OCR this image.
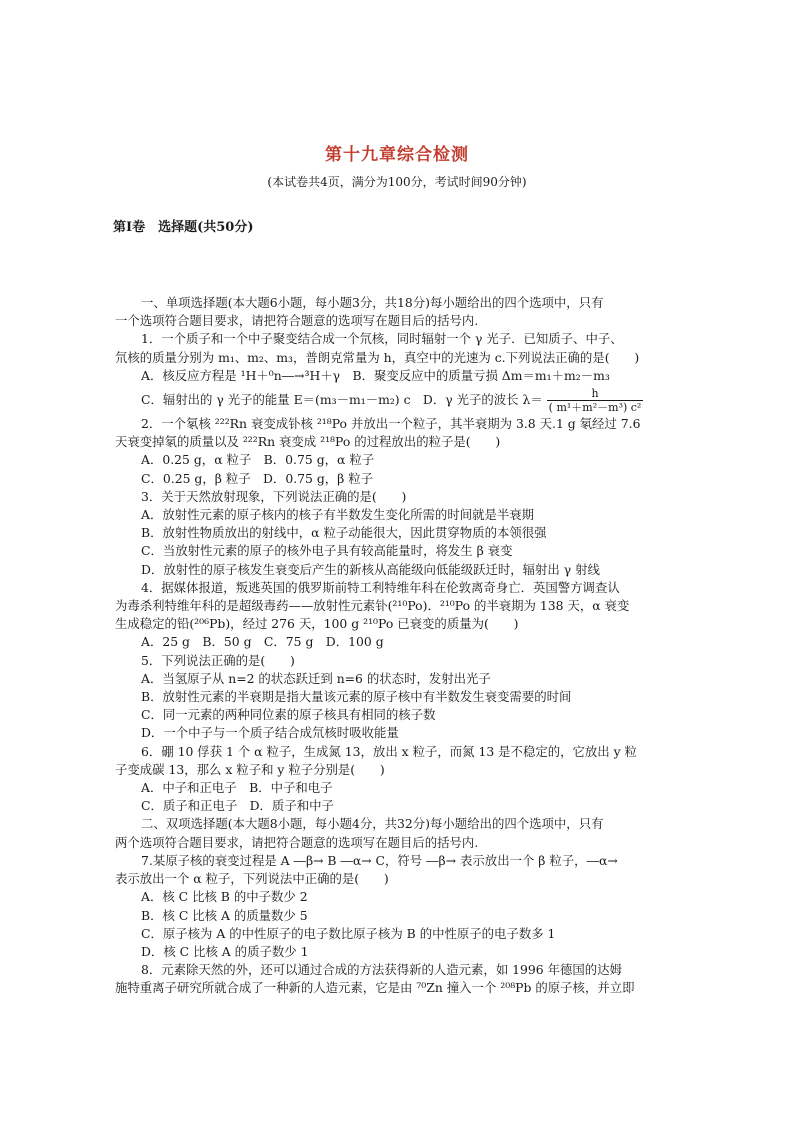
第十九章综合检测
(本试卷共4页，满分为100分，考试时间90分钟)
第Ⅰ卷　选择题(共50分)

一、单项选择题(本大题6小题，每小题3分，共18分)每小题给出的四个选项中，只有

一个选项符合题目要求，请把符合题意的选项写在题目后的括号内.

1．一个质子和一个中子聚变结合成一个氘核，同时辐射一个 γ 光子．已知质子、中子、

氘核的质量分别为 m₁、m₂、m₃，普朗克常量为 h，真空中的光速为 c.下列说法正确的是(　　)

A．核反应方程是 ¹H＋⁰n―→³H＋γ　B．聚变反应中的质量亏损 Δm＝m₁＋m₂－m₃

C．辐射出的 γ 光子的能量 E＝(m₃－m₁－m₂) c　D．γ 光子的波长 $\lambda= \frac{h}{\text{( m¹＋m²－m³) c²}}$

2．一个氡核 ²²²Rn 衰变成钋核 ²¹⁸Po 并放出一个粒子，其半衰期为 3.8 天.1 g 氡经过 7.6

天衰变掉氡的质量以及 ²²²Rn 衰变成 ²¹⁸Po 的过程放出的粒子是(　　)

A．0.25 g，α 粒子　B．0.75 g，α 粒子

C．0.25 g，β 粒子　D．0.75 g，β 粒子

3．关于天然放射现象，下列说法正确的是(　　)

A．放射性元素的原子核内的核子有半数发生变化所需的时间就是半衰期

B．放射性物质放出的射线中，α 粒子动能很大，因此贯穿物质的本领很强

C．当放射性元素的原子的核外电子具有较高能量时，将发生 β 衰变

D．放射性的原子核发生衰变后产生的新核从高能级向低能级跃迁时，辐射出 γ 射线

4．据媒体报道，叛逃英国的俄罗斯前特工利特维年科在伦敦离奇身亡．英国警方调查认

为毒杀利特维年科的是超级毒药——放射性元素钋(²¹⁰Po)．²¹⁰Po 的半衰期为 138 天，α 衰变

生成稳定的铅(²⁰⁶Pb)，经过 276 天，100 g ²¹⁰Po 已衰变的质量为(　　)

A．25 g　B．50 g　C．75 g　D．100 g

5．下列说法正确的是(　　)

A．当氢原子从 n=2 的状态跃迁到 n=6 的状态时，发射出光子

B．放射性元素的半衰期是指大量该元素的原子核中有半数发生衰变需要的时间

C．同一元素的两种同位素的原子核具有相同的核子数

D．一个中子与一个质子结合成氘核时吸收能量

6．硼 10 俘获 1 个 α 粒子，生成氮 13，放出 x 粒子，而氮 13 是不稳定的，它放出 y 粒

子变成碳 13，那么 x 粒子和 y 粒子分别是(　　)

A．中子和正电子　B．中子和电子

C．质子和正电子　D．质子和中子

二、双项选择题(本大题8小题，每小题4分，共32分)每小题给出的四个选项中，只有

两个选项符合题目要求，请把符合题意的选项写在题目后的括号内.

7.某原子核的衰变过程是 A ―β→ B ―α→ C，符号 ―β→ 表示放出一个 β 粒子，―α→

表示放出一个 α 粒子，下列说法中正确的是(　　)

A．核 C 比核 B 的中子数少 2

B．核 C 比核 A 的质量数少 5

C．原子核为 A 的中性原子的电子数比原子核为 B 的中性原子的电子数多 1

D．核 C 比核 A 的质子数少 1

8．元素除天然的外，还可以通过合成的方法获得新的人造元素，如 1996 年德国的达姆

施特重离子研究所就合成了一种新的人造元素，它是由 ⁷⁰Zn 撞入一个 ²⁰⁸Pb 的原子核，并立即
